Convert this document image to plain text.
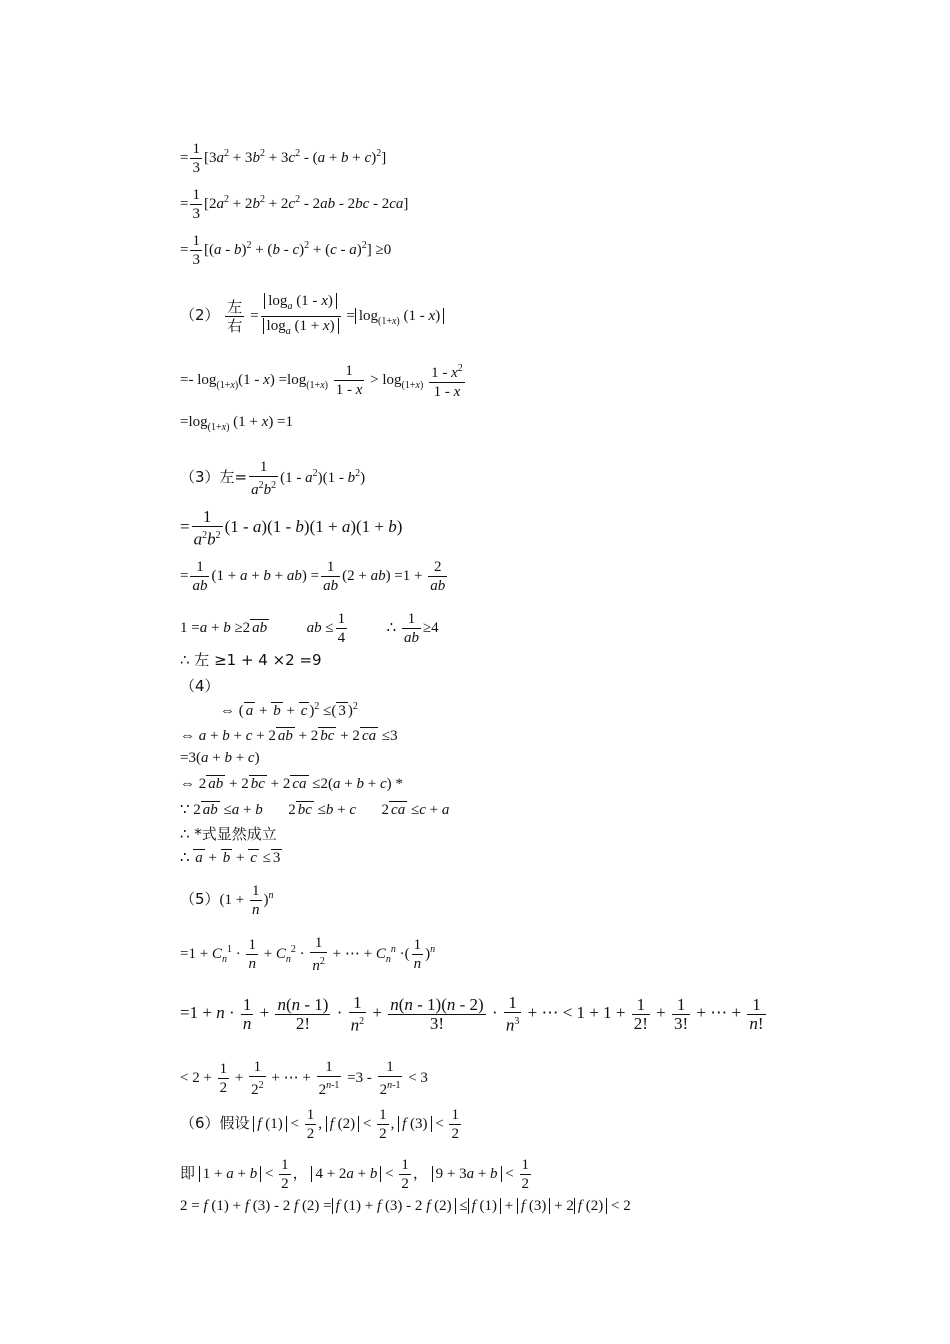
= $\frac{1}{3} [3a^2 + 3b^2 + 3c^2 - (a + b + c)^2]$
= $\frac{1}{3} [2a^2 + 2b^2 + 2c^2 - 2ab - 2bc - 2ca]$
= $\frac{1}{3} [(a - b)^2 + (b - c)^2 + (c - a)^2] \ge 0$
$(2) \frac{\text{左}}{\text{右}} = \frac{\log_a (1 - x)}{\log_a (1 + x)} = \log_{(1+x)} (1 - x)$
=- $\log_{(1+x)}(1 - x) =\log_{(1+x)} \frac{1}{1 - x} > \log_{(1+x)} \frac{1 - x^2}{1 - x}$
$=\log_{(1+x)}$ (1 + x) =1
（3）左= $\frac{1}{a^2b^2} (1 - a^2)(1 - b^2)$
= $\frac{1}{a^2b^2} (1 - a)(1 - b)(1 + a)(1 + b)$
= $\frac{1}{ab} (1 + a + b + ab) = \frac{1}{ab} (2 + ab) =1 + \frac{2}{ab}$
1 =a + b ≥2 ab	ab ≤ $\frac{1}{4}$ ∴ $\frac{1}{ab} \ge 4$
∴ 左 ≥1 + 4 ×2 =9
（4）
⇔ ( a + b + c )$^2$ ≤( 3 )$^2$
⇔ a + b + c + 2 ab + 2 bc + 2 ca ≤3
=3(a + b + c)
⇔ 2 ab + 2 bc + 2 ca ≤2(a + b + c) *
∵ 2 ab ≤a + b  2 bc ≤b + c  2 ca ≤c + a
∴ *式显然成立
∴ a + b + c ≤ 3
$(5)(1 + \frac{1}{n} )^n$
$=1 + C_n^1 \cdot \frac{1}{n} + C_n^2 \cdot \frac{1}{n^2}$ + ⋯ + $C_n^n$ ·( $\frac{1}{n} )^n$
$=1 + n \cdot \frac{1}{n} + \frac{n(n - 1)}{2!} \cdot \frac{1}{n^2} + \frac{n(n - 1)(n - 2)}{3!} \cdot \frac{1}{n^3}$ + ⋯ < $1 + 1 + \frac{1}{2!} + \frac{1}{3!}$ + ⋯ + $\frac{1}{n!}$
< $2 + \frac{1}{2} + \frac{1}{2^2}$ + ⋯ + $\frac{1}{2^{n-1}} =3 - \frac{1}{2^{n-1}} < 3$
（6）假设 f $(1) < \frac{1}{2}$ , f $(2) < \frac{1}{2}$ , f $(3) < \frac{1}{2}$
即 $1 + a + b < \frac{1}{2}$ ， $4 + 2a + b < \frac{1}{2}$ ， $9 + 3a + b < \frac{1}{2}$
2 = f (1) + f (3) - 2 f (2) = f (1) + f (3) - 2 f (2) ≤ f (1) + f (3) + 2 f (2) < 2
